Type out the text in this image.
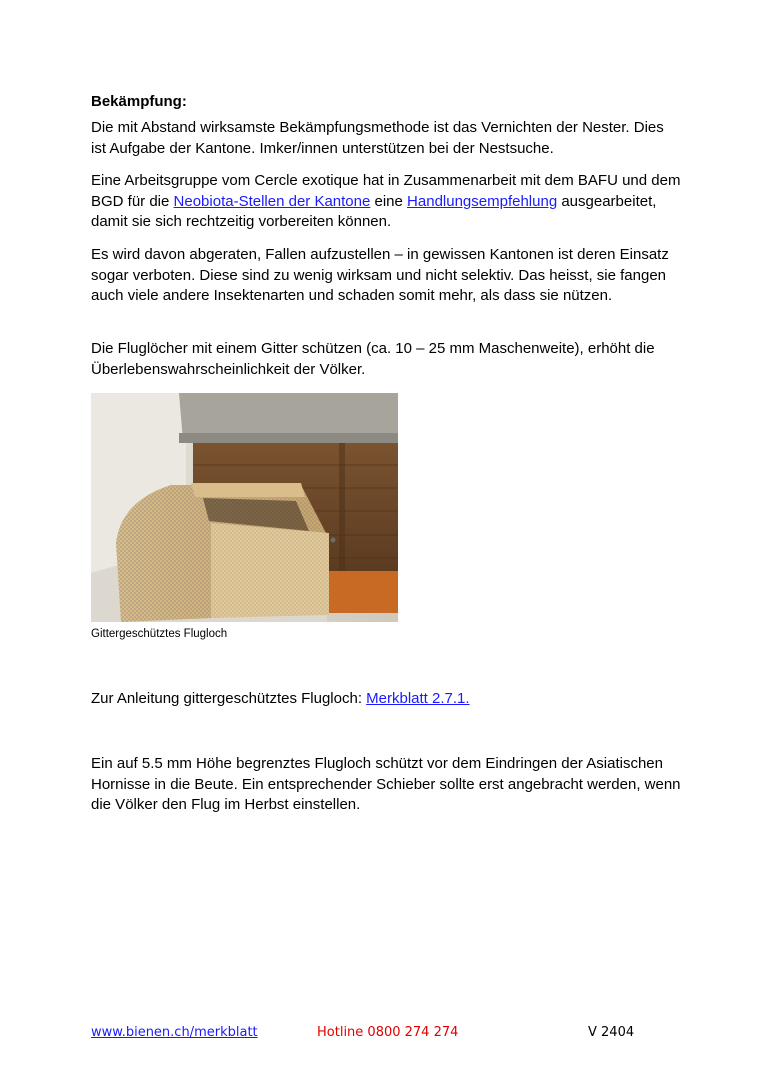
Bekämpfung:

Die mit Abstand wirksamste Bekämpfungsmethode ist das Vernichten der Nester. Dies ist Aufgabe der Kantone. Imker/innen unterstützen bei der Nestsuche.

Eine Arbeitsgruppe vom Cercle exotique hat in Zusammenarbeit mit dem BAFU und dem BGD für die Neobiota-Stellen der Kantone eine Handlungsempfehlung ausgearbeitet, damit sie sich rechtzeitig vorbereiten können.

Es wird davon abgeraten, Fallen aufzustellen – in gewissen Kantonen ist deren Einsatz sogar verboten. Diese sind zu wenig wirksam und nicht selektiv. Das heisst, sie fangen auch viele andere Insektenarten und schaden somit mehr, als dass sie nützen.

Die Fluglöcher mit einem Gitter schützen (ca. 10 – 25 mm Maschenweite), erhöht die Überlebenswahrscheinlichkeit der Völker.

Gittergeschütztes Flugloch

Zur Anleitung gittergeschütztes Flugloch: Merkblatt 2.7.1.

Ein auf 5.5 mm Höhe begrenztes Flugloch schützt vor dem Eindringen der Asiatischen Hornisse in die Beute. Ein entsprechender Schieber sollte erst angebracht werden, wenn die Völker den Flug im Herbst einstellen.

www.bienen.ch/merkblatt	Hotline 0800 274 274	V 2404
